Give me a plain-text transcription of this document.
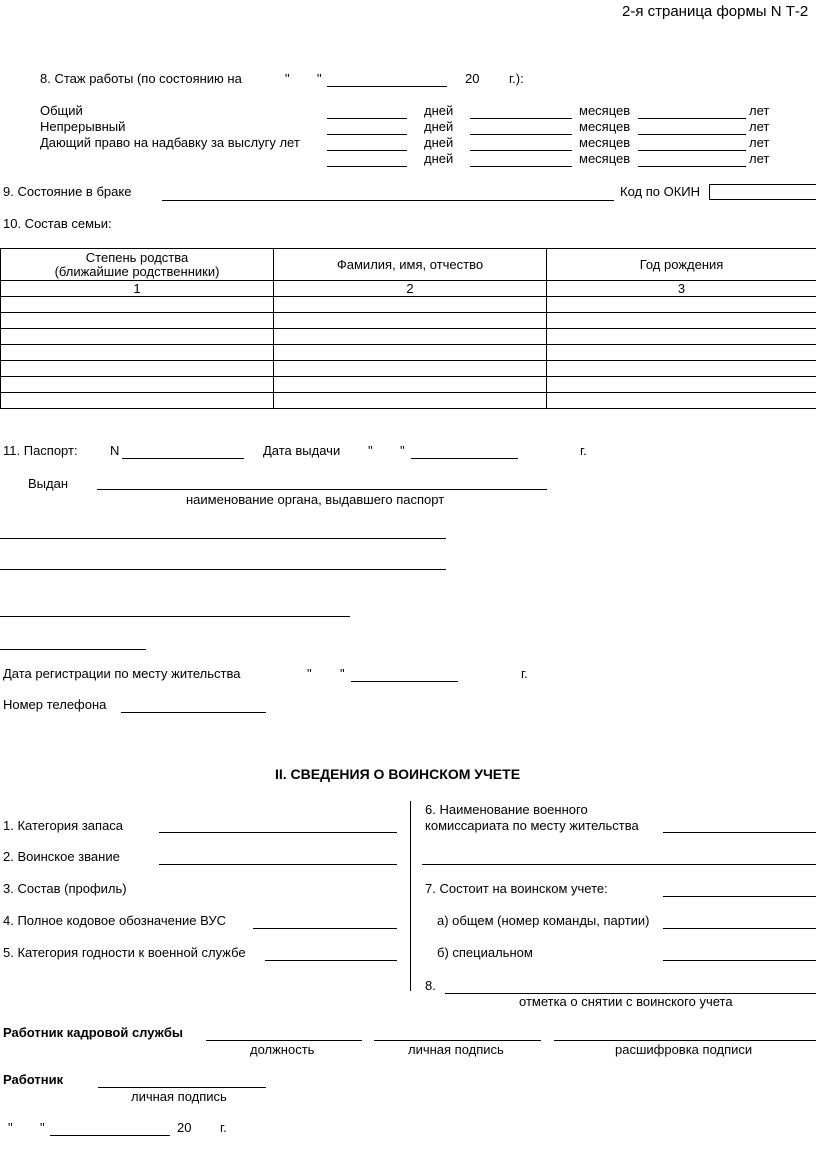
2-я страница формы N Т-2
8. Стаж работы (по состоянию на	" "	20 г.):
Общий	дней	месяцев	лет
Непрерывный	дней	месяцев	лет
Дающий право на надбавку за выслугу лет	дней	месяцев	лет
дней	месяцев	лет
9. Состояние в браке	Код по ОКИН
10. Состав семьи:
Степень родства
(ближайшие родственники)	Фамилия, имя, отчество	Год рождения
1	2	3

11. Паспорт: N	Дата выдачи " "	г.
Выдан
наименование органа, выдавшего паспорт
Дата регистрации по месту жительства	" "	г.
Номер телефона
II. СВЕДЕНИЯ О ВОИНСКОМ УЧЕТЕ
1. Категория запаса
2. Воинское звание
3. Состав (профиль)
4. Полное кодовое обозначение ВУС
5. Категория годности к военной службе
6. Наименование военного
комиссариата по месту жительства
7. Состоит на воинском учете:
а) общем (номер команды, партии)
б) специальном
8.
отметка о снятии с воинского учета
Работник кадровой службы
должность	личная подпись	расшифровка подписи
Работник
личная подпись
" "	20 г.
